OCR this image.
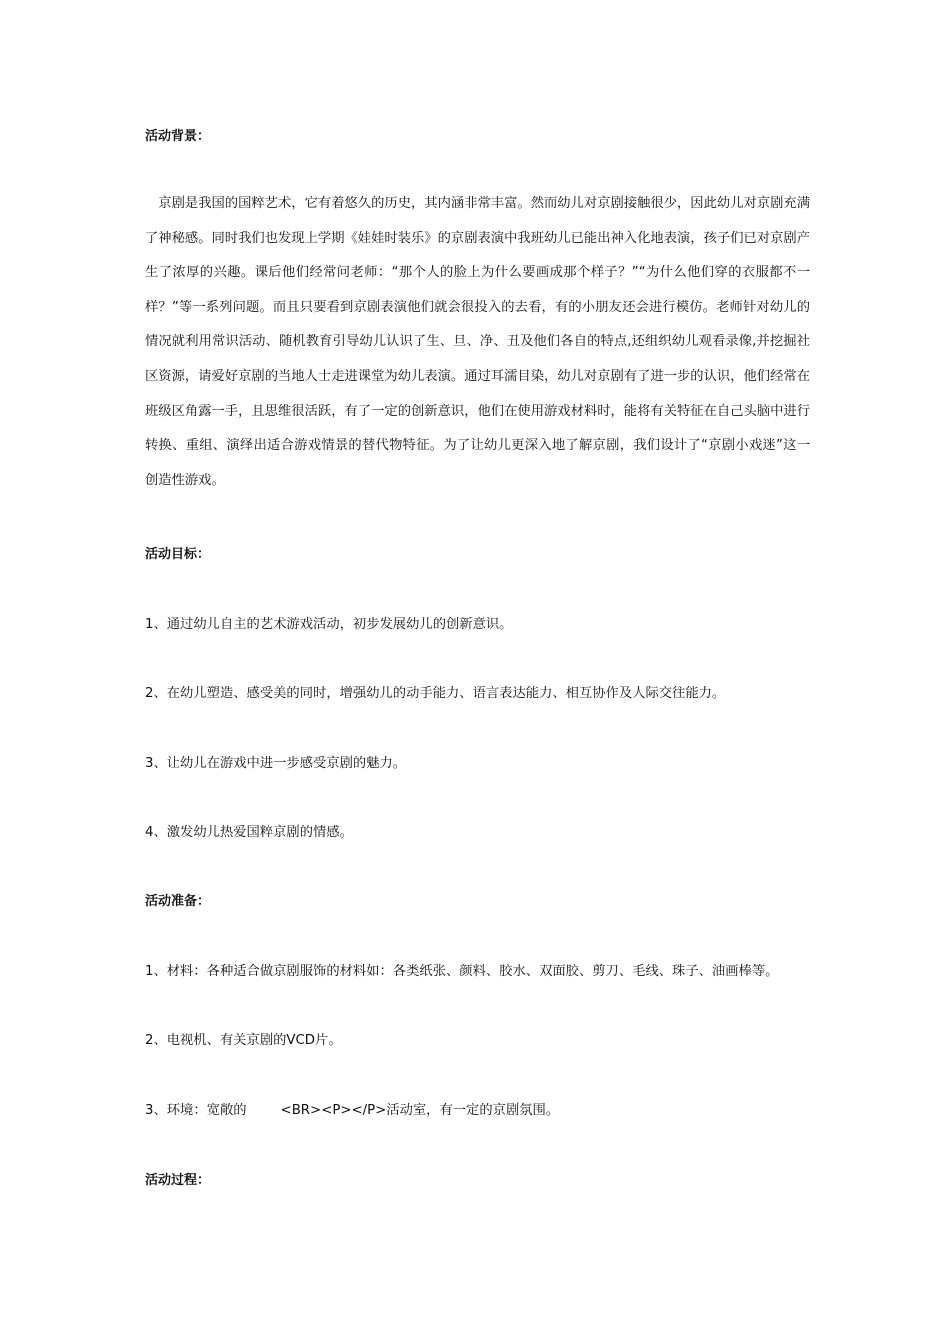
活动背景：
　京剧是我国的国粹艺术，它有着悠久的历史，其内涵非常丰富。然而幼儿对京剧接触很少，因此幼儿对京剧充满了神秘感。同时我们也发现上学期《娃娃时装乐》的京剧表演中我班幼儿已能出神入化地表演，孩子们已对京剧产生了浓厚的兴趣。课后他们经常问老师：“那个人的脸上为什么要画成那个样子？”“为什么他们穿的衣服都不一样？”等一系列问题。而且只要看到京剧表演他们就会很投入的去看，有的小朋友还会进行模仿。老师针对幼儿的情况就利用常识活动、随机教育引导幼儿认识了生、旦、净、丑及他们各自的特点,还组织幼儿观看录像,并挖掘社区资源，请爱好京剧的当地人士走进课堂为幼儿表演。通过耳濡目染，幼儿对京剧有了进一步的认识，他们经常在班级区角露一手，且思维很活跃，有了一定的创新意识，他们在使用游戏材料时，能将有关特征在自己头脑中进行转换、重组、演绎出适合游戏情景的替代物特征。为了让幼儿更深入地了解京剧，我们设计了“京剧小戏迷”这一创造性游戏。
活动目标：
1、通过幼儿自主的艺术游戏活动，初步发展幼儿的创新意识。
2、在幼儿塑造、感受美的同时，增强幼儿的动手能力、语言表达能力、相互协作及人际交往能力。
3、让幼儿在游戏中进一步感受京剧的魅力。
4、激发幼儿热爱国粹京剧的情感。
活动准备：
1、材料：各种适合做京剧服饰的材料如：各类纸张、颜料、胶水、双面胶、剪刀、毛线、珠子、油画棒等。
2、电视机、有关京剧的VCD片。
3、环境：宽敞的	<BR><P></P>活动室，有一定的京剧氛围。
活动过程：
